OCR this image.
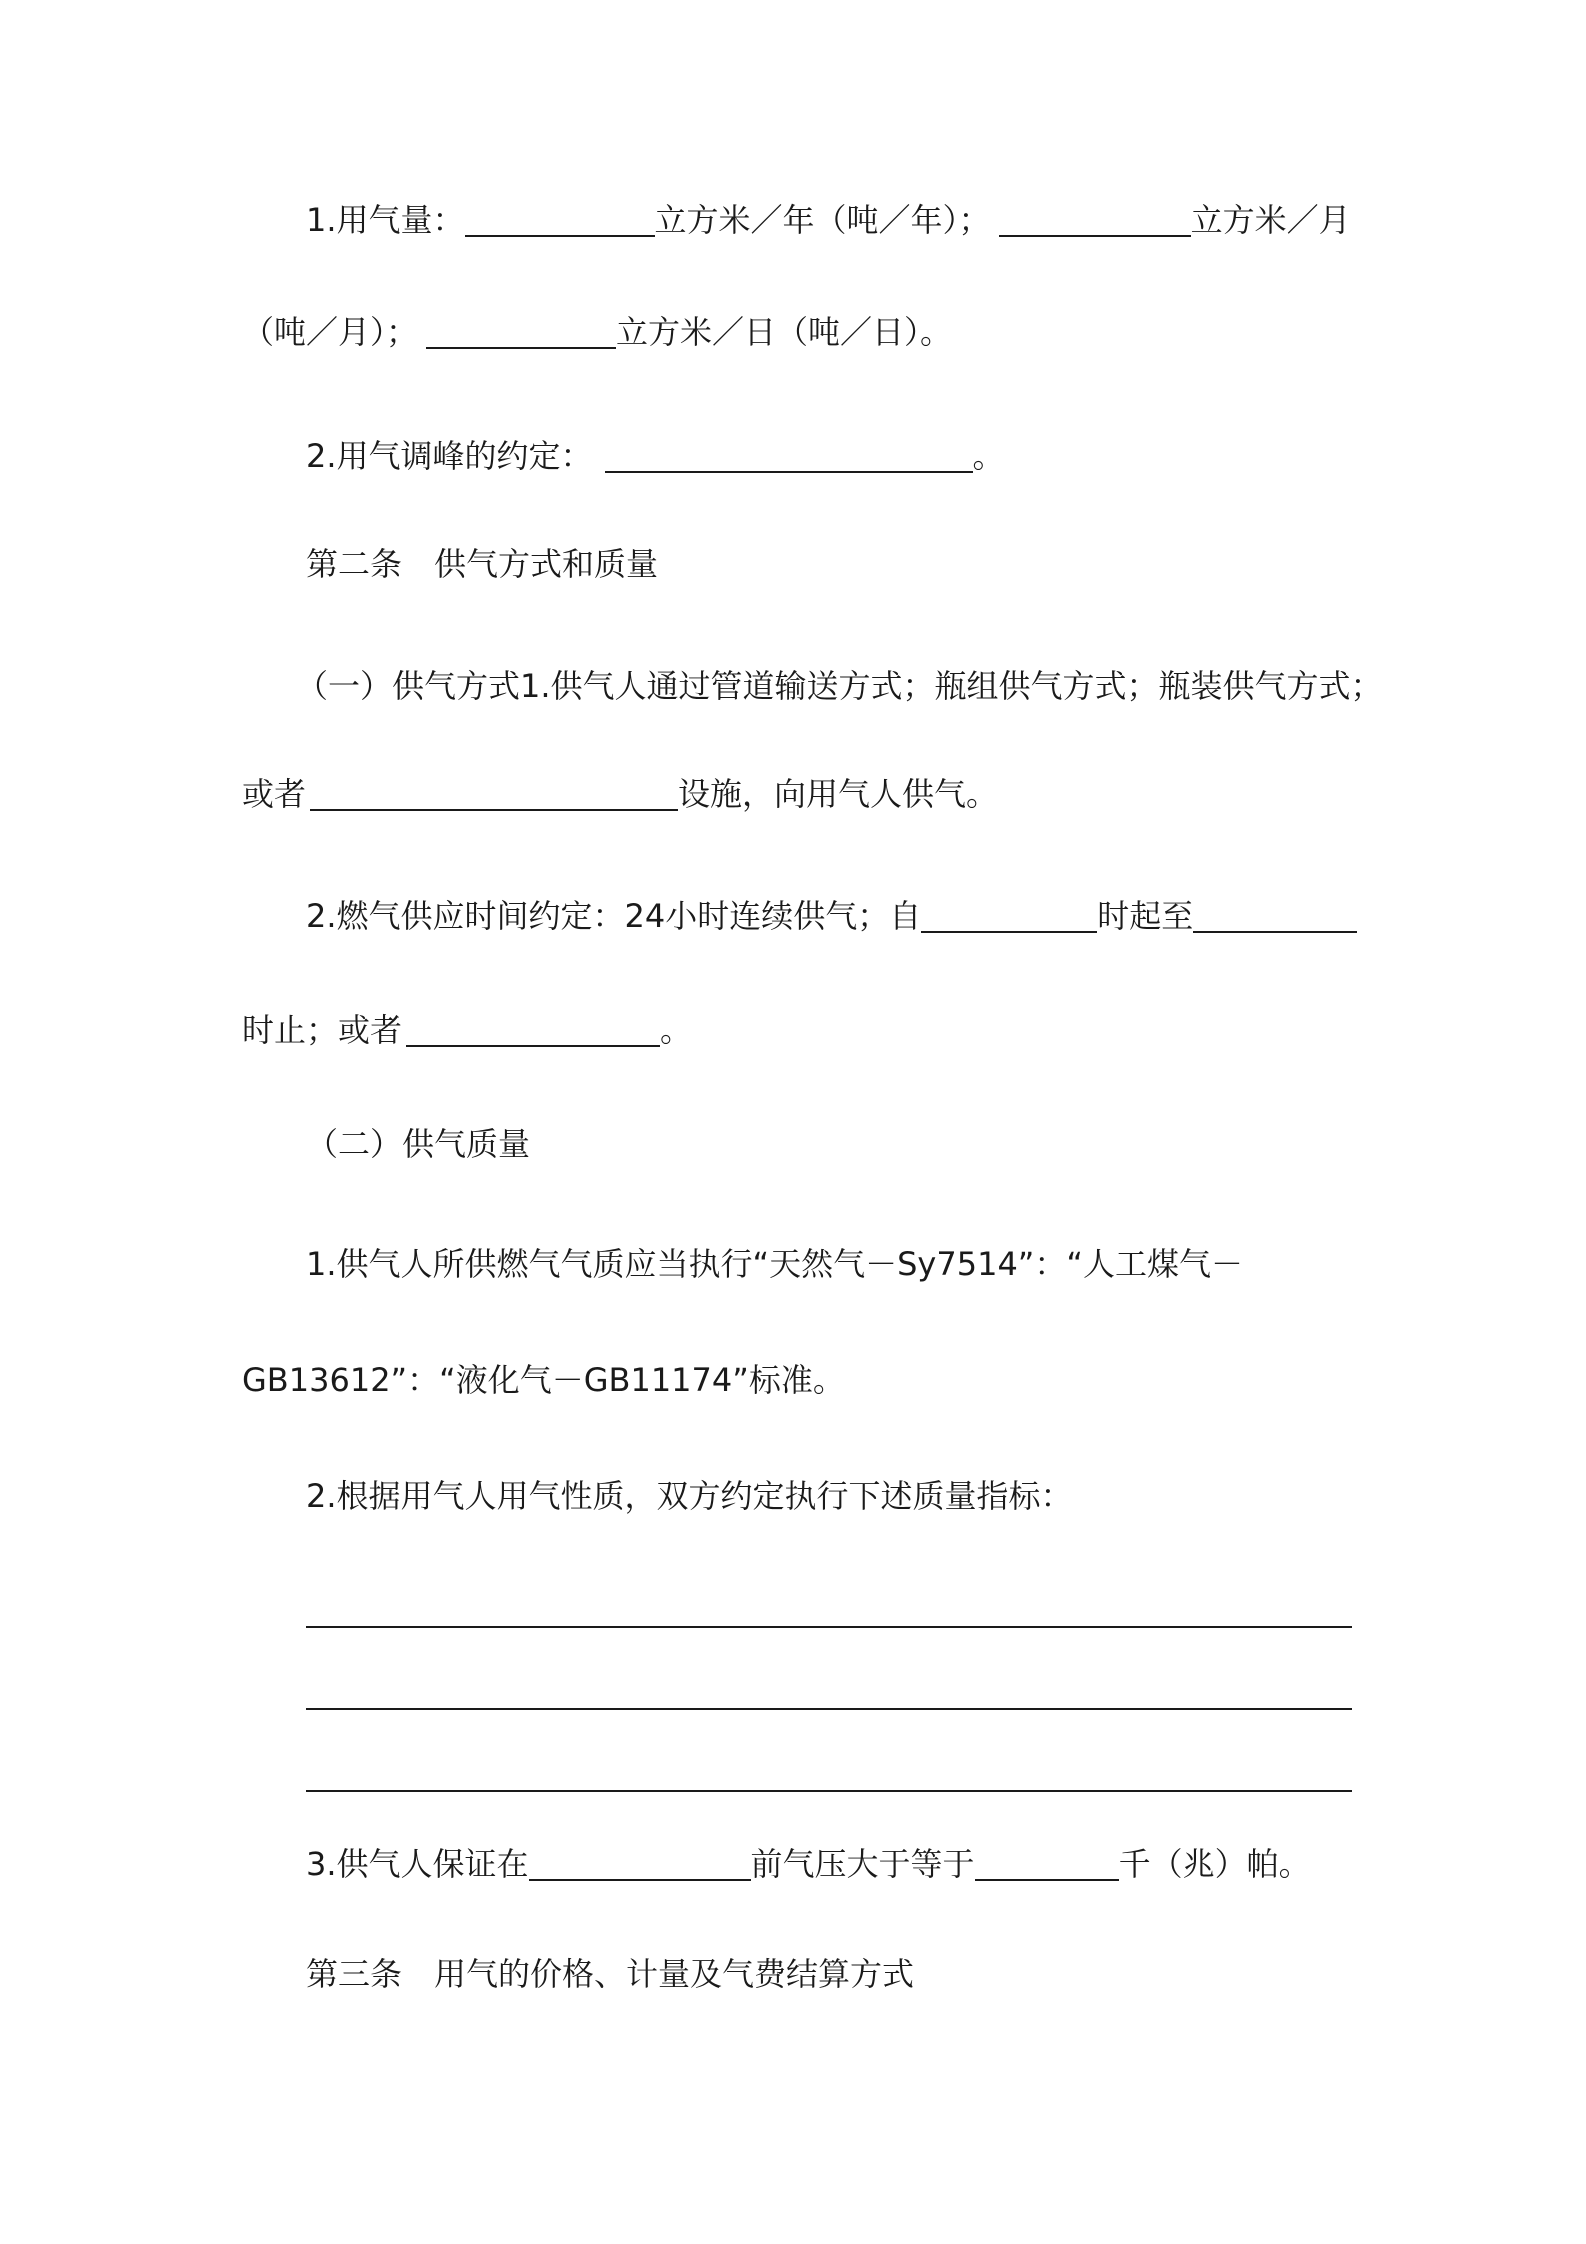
1.用气量：	立方米／年（吨／年）；	立方米／月
（吨／月）；	立方米／日（吨／日）。
2.用气调峰的约定：	。
第二条　供气方式和质量
（一）供气方式1.供气人通过管道输送方式；瓶组供气方式；瓶装供气方式；
或者	设施，向用气人供气。
2.燃气供应时间约定：24小时连续供气；自	时起至
时止；或者	。
（二）供气质量
1.供气人所供燃气气质应当执行“天然气－Sy7514”：“人工煤气－
GB13612”：“液化气－GB11174”标准。
2.根据用气人用气性质，双方约定执行下述质量指标：
3.供气人保证在	前气压大于等于	千（兆）帕。
第三条　用气的价格、计量及气费结算方式
